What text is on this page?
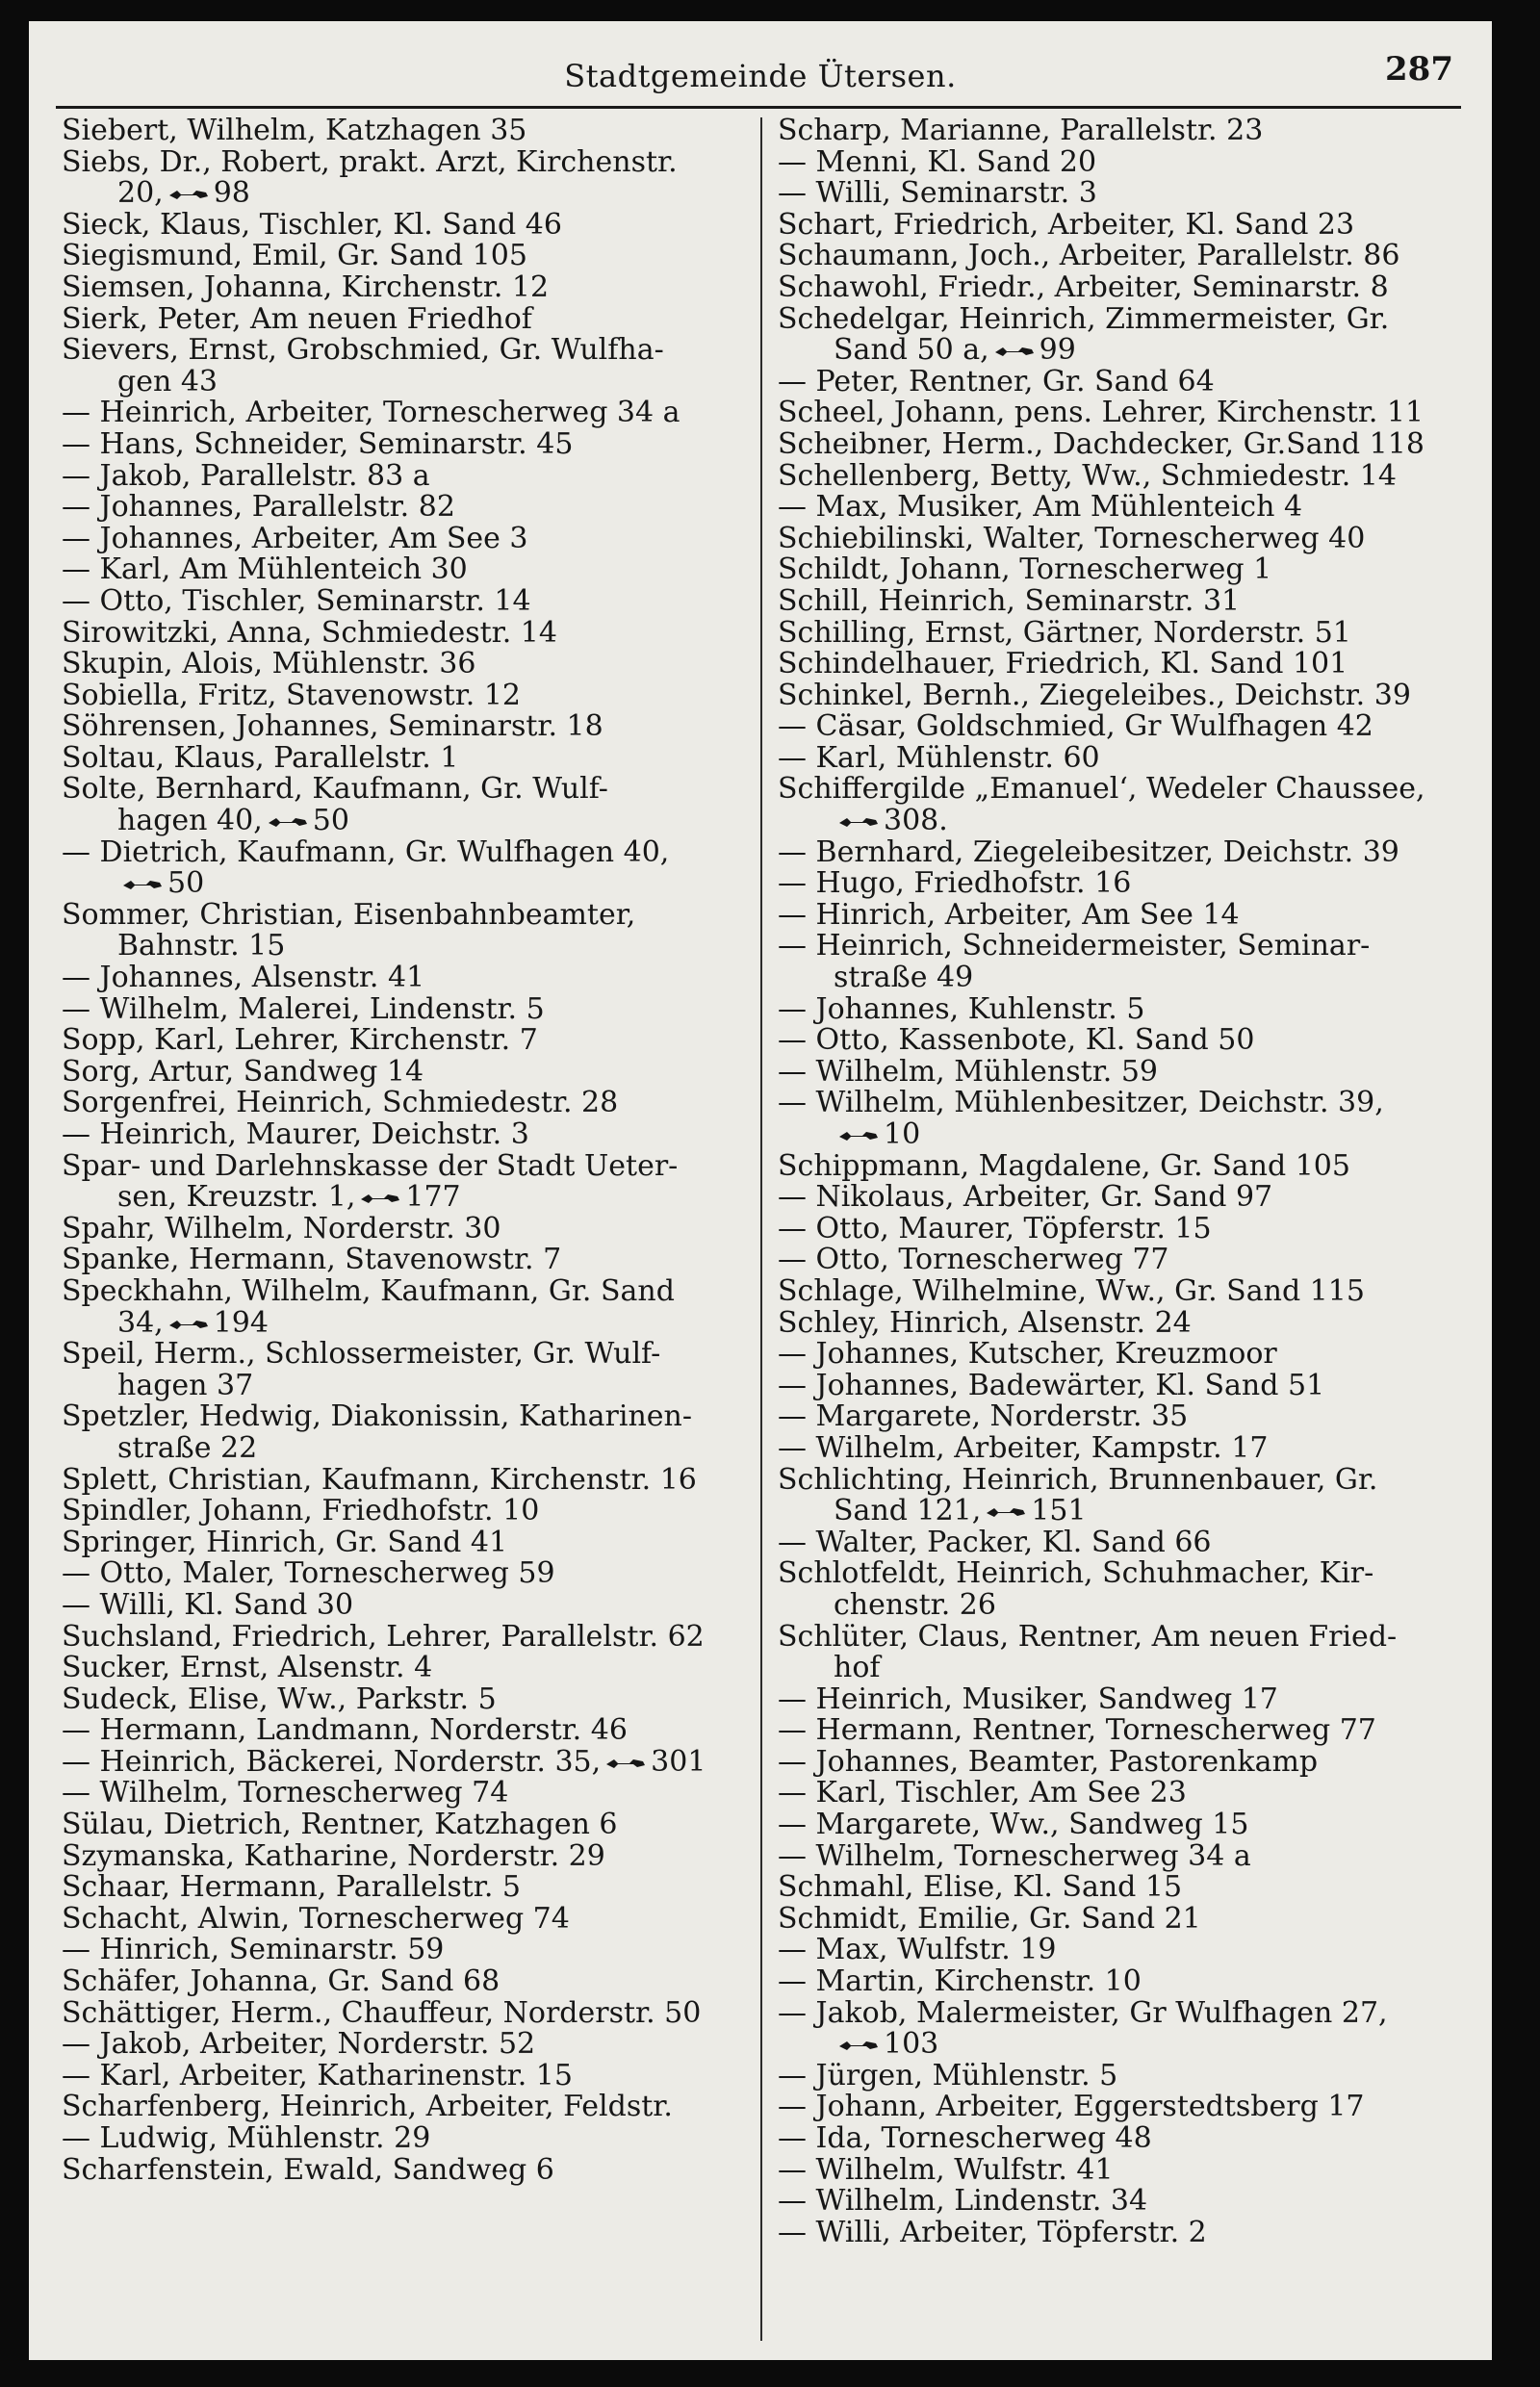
Stadtgemeinde Ütersen.	287
Siebert, Wilhelm, Katzhagen 35
Siebs, Dr., Robert, prakt. Arzt, Kirchenstr.
20, 98
Sieck, Klaus, Tischler, Kl. Sand 46
Siegismund, Emil, Gr. Sand 105
Siemsen, Johanna, Kirchenstr. 12
Sierk, Peter, Am neuen Friedhof
Sievers, Ernst, Grobschmied, Gr. Wulfha-
gen 43
— Heinrich, Arbeiter, Tornescherweg 34 a
— Hans, Schneider, Seminarstr. 45
— Jakob, Parallelstr. 83 a
— Johannes, Parallelstr. 82
— Johannes, Arbeiter, Am See 3
— Karl, Am Mühlenteich 30
— Otto, Tischler, Seminarstr. 14
Sirowitzki, Anna, Schmiedestr. 14
Skupin, Alois, Mühlenstr. 36
Sobiella, Fritz, Stavenowstr. 12
Söhrensen, Johannes, Seminarstr. 18
Soltau, Klaus, Parallelstr. 1
Solte, Bernhard, Kaufmann, Gr. Wulf-
hagen 40, 50
— Dietrich, Kaufmann, Gr. Wulfhagen 40,
50
Sommer, Christian, Eisenbahnbeamter,
Bahnstr. 15
— Johannes, Alsenstr. 41
— Wilhelm, Malerei, Lindenstr. 5
Sopp, Karl, Lehrer, Kirchenstr. 7
Sorg, Artur, Sandweg 14
Sorgenfrei, Heinrich, Schmiedestr. 28
— Heinrich, Maurer, Deichstr. 3
Spar- und Darlehnskasse der Stadt Ueter-
sen, Kreuzstr. 1, 177
Spahr, Wilhelm, Norderstr. 30
Spanke, Hermann, Stavenowstr. 7
Speckhahn, Wilhelm, Kaufmann, Gr. Sand
34, 194
Speil, Herm., Schlossermeister, Gr. Wulf-
hagen 37
Spetzler, Hedwig, Diakonissin, Katharinen-
straße 22
Splett, Christian, Kaufmann, Kirchenstr. 16
Spindler, Johann, Friedhofstr. 10
Springer, Hinrich, Gr. Sand 41
— Otto, Maler, Tornescherweg 59
— Willi, Kl. Sand 30
Suchsland, Friedrich, Lehrer, Parallelstr. 62
Sucker, Ernst, Alsenstr. 4
Sudeck, Elise, Ww., Parkstr. 5
— Hermann, Landmann, Norderstr. 46
— Heinrich, Bäckerei, Norderstr. 35, 301
— Wilhelm, Tornescherweg 74
Sülau, Dietrich, Rentner, Katzhagen 6
Szymanska, Katharine, Norderstr. 29
Schaar, Hermann, Parallelstr. 5
Schacht, Alwin, Tornescherweg 74
— Hinrich, Seminarstr. 59
Schäfer, Johanna, Gr. Sand 68
Schättiger, Herm., Chauffeur, Norderstr. 50
— Jakob, Arbeiter, Norderstr. 52
— Karl, Arbeiter, Katharinenstr. 15
Scharfenberg, Heinrich, Arbeiter, Feldstr.
— Ludwig, Mühlenstr. 29
Scharfenstein, Ewald, Sandweg 6
Scharp, Marianne, Parallelstr. 23
— Menni, Kl. Sand 20
— Willi, Seminarstr. 3
Schart, Friedrich, Arbeiter, Kl. Sand 23
Schaumann, Joch., Arbeiter, Parallelstr. 86
Schawohl, Friedr., Arbeiter, Seminarstr. 8
Schedelgar, Heinrich, Zimmermeister, Gr.
Sand 50 a, 99
— Peter, Rentner, Gr. Sand 64
Scheel, Johann, pens. Lehrer, Kirchenstr. 11
Scheibner, Herm., Dachdecker, Gr.Sand 118
Schellenberg, Betty, Ww., Schmiedestr. 14
— Max, Musiker, Am Mühlenteich 4
Schiebilinski, Walter, Tornescherweg 40
Schildt, Johann, Tornescherweg 1
Schill, Heinrich, Seminarstr. 31
Schilling, Ernst, Gärtner, Norderstr. 51
Schindelhauer, Friedrich, Kl. Sand 101
Schinkel, Bernh., Ziegeleibes., Deichstr. 39
— Cäsar, Goldschmied, Gr Wulfhagen 42
— Karl, Mühlenstr. 60
Schiffergilde „Emanuel‘, Wedeler Chaussee,
308.
— Bernhard, Ziegeleibesitzer, Deichstr. 39
— Hugo, Friedhofstr. 16
— Hinrich, Arbeiter, Am See 14
— Heinrich, Schneidermeister, Seminar-
straße 49
— Johannes, Kuhlenstr. 5
— Otto, Kassenbote, Kl. Sand 50
— Wilhelm, Mühlenstr. 59
— Wilhelm, Mühlenbesitzer, Deichstr. 39,
10
Schippmann, Magdalene, Gr. Sand 105
— Nikolaus, Arbeiter, Gr. Sand 97
— Otto, Maurer, Töpferstr. 15
— Otto, Tornescherweg 77
Schlage, Wilhelmine, Ww., Gr. Sand 115
Schley, Hinrich, Alsenstr. 24
— Johannes, Kutscher, Kreuzmoor
— Johannes, Badewärter, Kl. Sand 51
— Margarete, Norderstr. 35
— Wilhelm, Arbeiter, Kampstr. 17
Schlichting, Heinrich, Brunnenbauer, Gr.
Sand 121, 151
— Walter, Packer, Kl. Sand 66
Schlotfeldt, Heinrich, Schuhmacher, Kir-
chenstr. 26
Schlüter, Claus, Rentner, Am neuen Fried-
hof
— Heinrich, Musiker, Sandweg 17
— Hermann, Rentner, Tornescherweg 77
— Johannes, Beamter, Pastorenkamp
— Karl, Tischler, Am See 23
— Margarete, Ww., Sandweg 15
— Wilhelm, Tornescherweg 34 a
Schmahl, Elise, Kl. Sand 15
Schmidt, Emilie, Gr. Sand 21
— Max, Wulfstr. 19
— Martin, Kirchenstr. 10
— Jakob, Malermeister, Gr Wulfhagen 27,
103
— Jürgen, Mühlenstr. 5
— Johann, Arbeiter, Eggerstedtsberg 17
— Ida, Tornescherweg 48
— Wilhelm, Wulfstr. 41
— Wilhelm, Lindenstr. 34
— Willi, Arbeiter, Töpferstr. 2
